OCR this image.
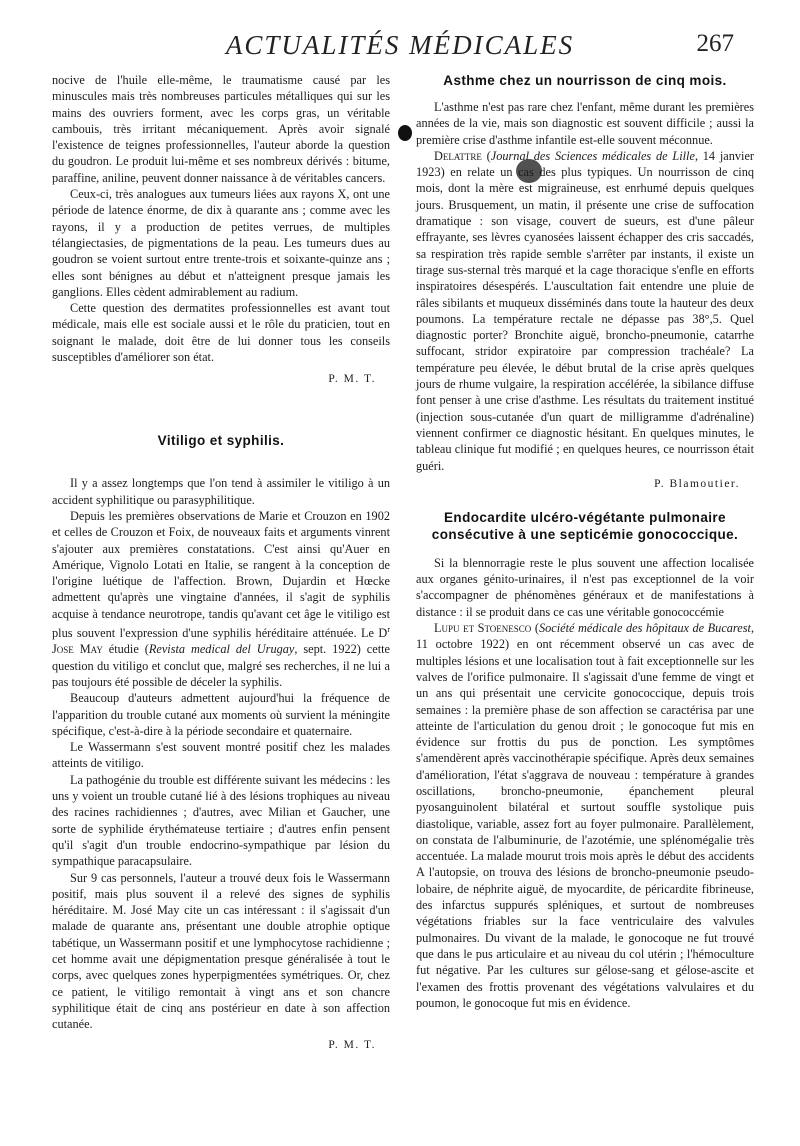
ACTUALITÉS MÉDICALES	267

nocive de l'huile elle-même, le traumatisme causé par les minuscules mais très nombreuses particules métalliques qui sur les mains des ouvriers forment, avec les corps gras, un véritable cambouis, très irritant mécaniquement. Après avoir signalé l'existence de teignes professionnelles, l'auteur aborde la question du goudron. Le produit lui-même et ses nombreux dérivés : bitume, paraffine, aniline, peuvent donner naissance à de véritables cancers.

Ceux-ci, très analogues aux tumeurs liées aux rayons X, ont une période de latence énorme, de dix à quarante ans ; comme avec les rayons, il y a production de petites verrues, de multiples télangiectasies, de pigmentations de la peau. Les tumeurs dues au goudron se voient surtout entre trente-trois et soixante-quinze ans ; elles sont bénignes au début et n'atteignent presque jamais les ganglions. Elles cèdent admirablement au radium.

Cette question des dermatites professionnelles est avant tout médicale, mais elle est sociale aussi et le rôle du praticien, tout en soignant le malade, doit être de lui donner tous les conseils susceptibles d'améliorer son état.

P. M. T.
Vitiligo et syphilis.

Il y a assez longtemps que l'on tend à assimiler le vitiligo à un accident syphilitique ou parasyphilitique.

Depuis les premières observations de Marie et Crouzon en 1902 et celles de Crouzon et Foix, de nouveaux faits et arguments vinrent s'ajouter aux premières constatations. C'est ainsi qu'Auer en Amérique, Vignolo Lotati en Italie, se rangent à la conception de l'origine luétique de l'affection. Brown, Dujardin et Hœcke admettent qu'après une vingtaine d'années, il s'agit de syphilis acquise à tendance neurotrope, tandis qu'avant cet âge le vitiligo est plus souvent l'expression d'une syphilis héréditaire atténuée. Le $D^r$ Jose May étudie (Revista medical del Urugay, sept. 1922) cette question du vitiligo et conclut que, malgré ses recherches, il ne lui a pas toujours été possible de déceler la syphilis.

Beaucoup d'auteurs admettent aujourd'hui la fréquence de l'apparition du trouble cutané aux moments où survient la méningite spécifique, c'est-à-dire à la période secondaire et quaternaire.

Le Wassermann s'est souvent montré positif chez les malades atteints de vitiligo.

La pathogénie du trouble est différente suivant les médecins : les uns y voient un trouble cutané lié à des lésions trophiques au niveau des racines rachidiennes ; d'autres, avec Milian et Gaucher, une sorte de syphilide érythémateuse tertiaire ; d'autres enfin pensent qu'il s'agit d'un trouble endocrino-sympathique par lésion du sympathique paracapsulaire.

Sur 9 cas personnels, l'auteur a trouvé deux fois le Wassermann positif, mais plus souvent il a relevé des signes de syphilis héréditaire. M. José May cite un cas intéressant : il s'agissait d'un malade de quarante ans, présentant une double atrophie optique tabétique, un Wassermann positif et une lymphocytose rachidienne ; cet homme avait une dépigmentation presque généralisée à tout le corps, avec quelques zones hyperpigmentées symétriques. Or, chez ce patient, le vitiligo remontait à vingt ans et son chancre syphilitique était de cinq ans postérieur en date à son affection cutanée.

P. M. T.
Asthme chez un nourrisson de cinq mois.

L'asthme n'est pas rare chez l'enfant, même durant les premières années de la vie, mais son diagnostic est souvent difficile ; aussi la première crise d'asthme infantile est-elle souvent méconnue.

Delattre (Journal des Sciences médicales de Lille, 14 janvier 1923) en relate un cas des plus typiques. Un nourrisson de cinq mois, dont la mère est migraineuse, est enrhumé depuis quelques jours. Brusquement, un matin, il présente une crise de suffocation dramatique : son visage, couvert de sueurs, est d'une pâleur effrayante, ses lèvres cyanosées laissent échapper des cris saccadés, sa respiration très rapide semble s'arrêter par instants, il existe un tirage sus-sternal très marqué et la cage thoracique s'enfle en efforts inspiratoires désespérés. L'auscultation fait entendre une pluie de râles sibilants et muqueux disséminés dans toute la hauteur des deux poumons. La température rectale ne dépasse pas 38°,5. Quel diagnostic porter? Bronchite aiguë, broncho-pneumonie, catarrhe suffocant, stridor expiratoire par compression trachéale? La température peu élevée, le début brutal de la crise après quelques jours de rhume vulgaire, la respiration accélérée, la sibilance diffuse font penser à une crise d'asthme. Les résultats du traitement institué (injection sous-cutanée d'un quart de milligramme d'adrénaline) viennent confirmer ce diagnostic hésitant. En quelques minutes, le tableau clinique fut modifié ; en quelques heures, ce nourrisson était guéri.

P. Blamoutier.
Endocardite ulcéro-végétante pulmonaire consécutive à une septicémie gonococcique.

Si la blennorragie reste le plus souvent une affection localisée aux organes génito-urinaires, il n'est pas exceptionnel de la voir s'accompagner de phénomènes généraux et de manifestations à distance : il se produit dans ce cas une véritable gonococcémie

Lupu et Stoenesco (Société médicale des hôpitaux de Bucarest, 11 octobre 1922) en ont récemment observé un cas avec de multiples lésions et une localisation tout à fait exceptionnelle sur les valves de l'orifice pulmonaire. Il s'agissait d'une femme de vingt et un ans qui présentait une cervicite gonococcique, depuis trois semaines : la première phase de son affection se caractérisa par une atteinte de l'articulation du genou droit ; le gonocoque fut mis en évidence sur frottis du pus de ponction. Les symptômes s'amendèrent après vaccinothérapie spécifique. Après deux semaines d'amélioration, l'état s'aggrava de nouveau : température à grandes oscillations, broncho-pneumonie, épanchement pleural pyosanguinolent bilatéral et surtout souffle systolique puis diastolique, variable, assez fort au foyer pulmonaire. Parallèlement, on constata de l'albuminurie, de l'azotémie, une splénomégalie très accentuée. La malade mourut trois mois après le début des accidents A l'autopsie, on trouva des lésions de broncho-pneumonie pseudo-lobaire, de néphrite aiguë, de myocardite, de péricardite fibrineuse, des infarctus suppurés spléniques, et surtout de nombreuses végétations friables sur la face ventriculaire des valvules pulmonaires. Du vivant de la malade, le gonocoque ne fut trouvé que dans le pus articulaire et au niveau du col utérin ; l'hémoculture fut négative. Par les cultures sur gélose-sang et gélose-ascite et l'examen des frottis provenant des végétations valvulaires et du poumon, le gonocoque fut mis en évidence.
